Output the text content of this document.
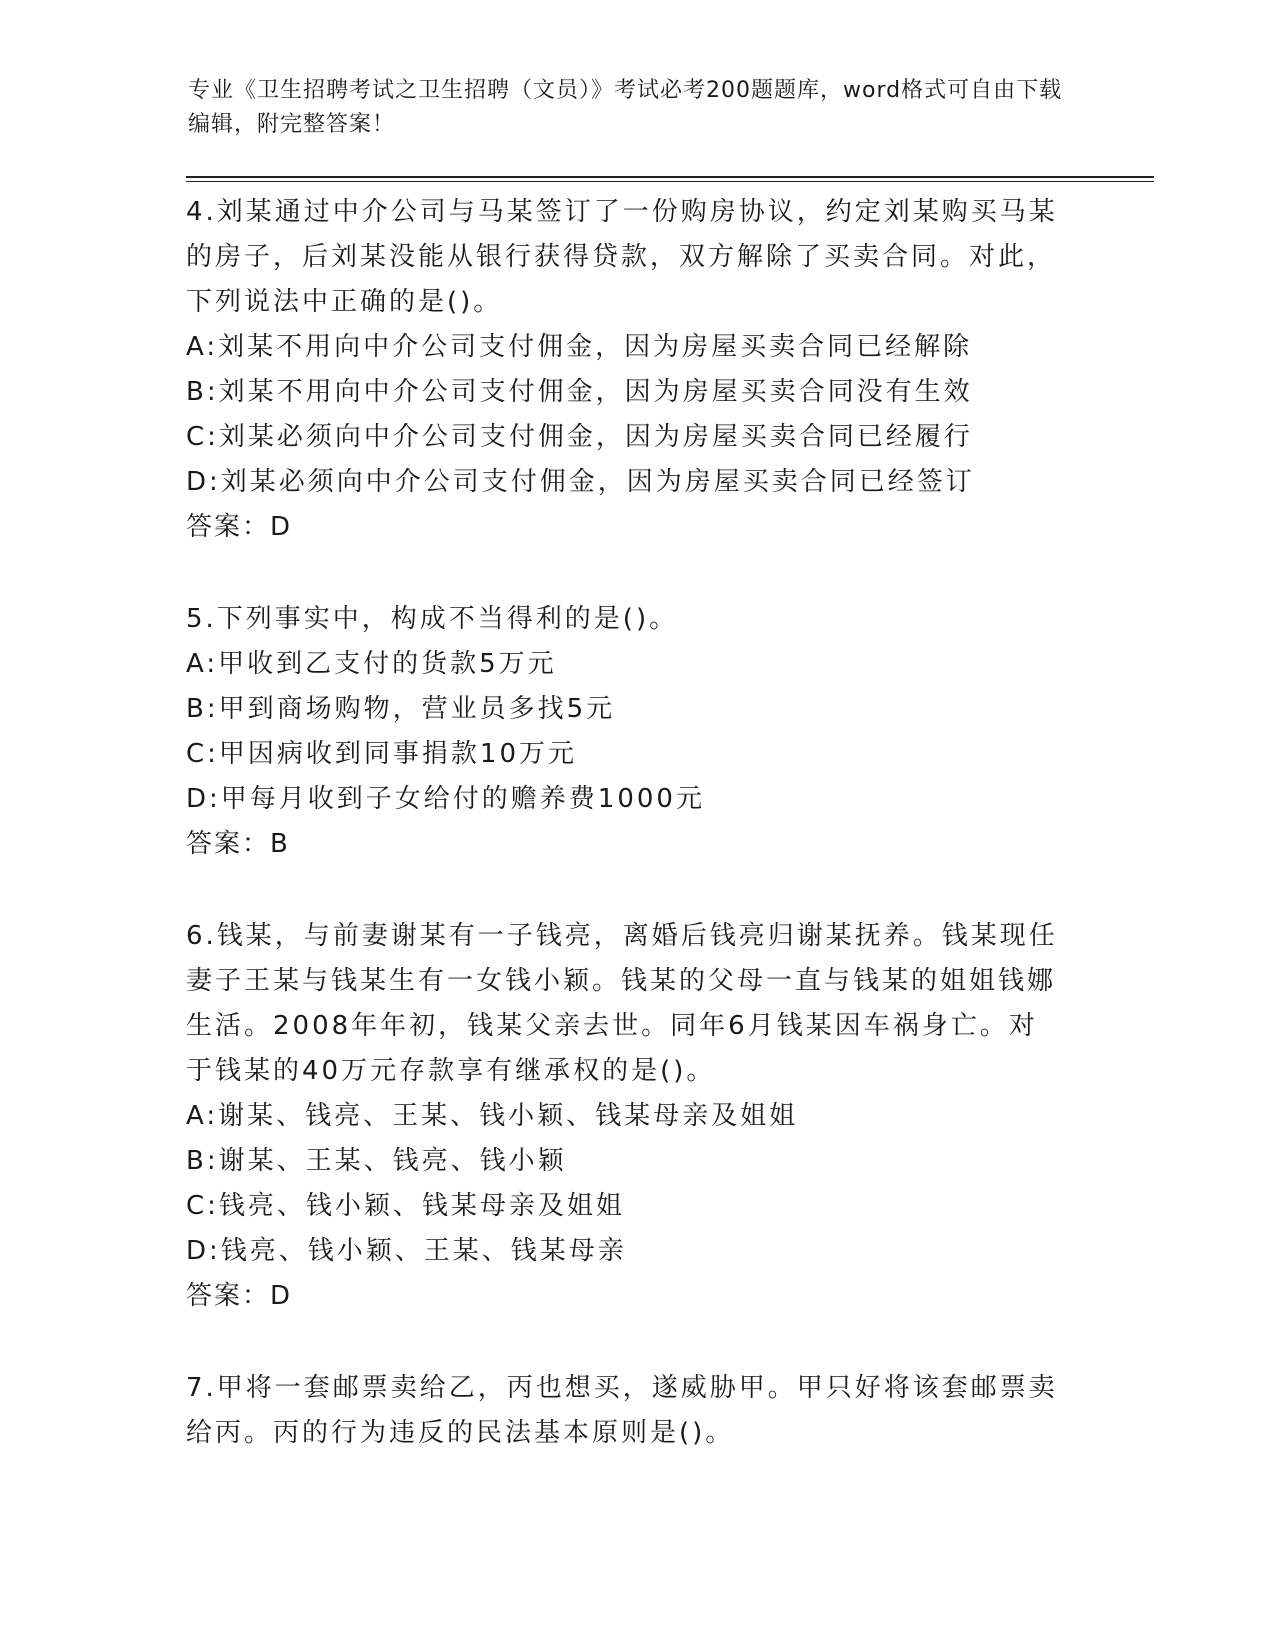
专业《卫生招聘考试之卫生招聘（文员）》考试必考200题题库，word格式可自由下载编辑，附完整答案！

4.刘某通过中介公司与马某签订了一份购房协议，约定刘某购买马某的房子，后刘某没能从银行获得贷款，双方解除了买卖合同。对此，下列说法中正确的是()。

A:刘某不用向中介公司支付佣金，因为房屋买卖合同已经解除

B:刘某不用向中介公司支付佣金，因为房屋买卖合同没有生效

C:刘某必须向中介公司支付佣金，因为房屋买卖合同已经履行

D:刘某必须向中介公司支付佣金，因为房屋买卖合同已经签订

答案：D

5.下列事实中，构成不当得利的是()。

A:甲收到乙支付的货款5万元

B:甲到商场购物，营业员多找5元

C:甲因病收到同事捐款10万元

D:甲每月收到子女给付的赡养费1000元

答案：B

6.钱某，与前妻谢某有一子钱亮，离婚后钱亮归谢某抚养。钱某现任妻子王某与钱某生有一女钱小颖。钱某的父母一直与钱某的姐姐钱娜生活。2008年年初，钱某父亲去世。同年6月钱某因车祸身亡。对于钱某的40万元存款享有继承权的是()。

A:谢某、钱亮、王某、钱小颖、钱某母亲及姐姐

B:谢某、王某、钱亮、钱小颖

C:钱亮、钱小颖、钱某母亲及姐姐

D:钱亮、钱小颖、王某、钱某母亲

答案：D

7.甲将一套邮票卖给乙，丙也想买，遂威胁甲。甲只好将该套邮票卖给丙。丙的行为违反的民法基本原则是()。
